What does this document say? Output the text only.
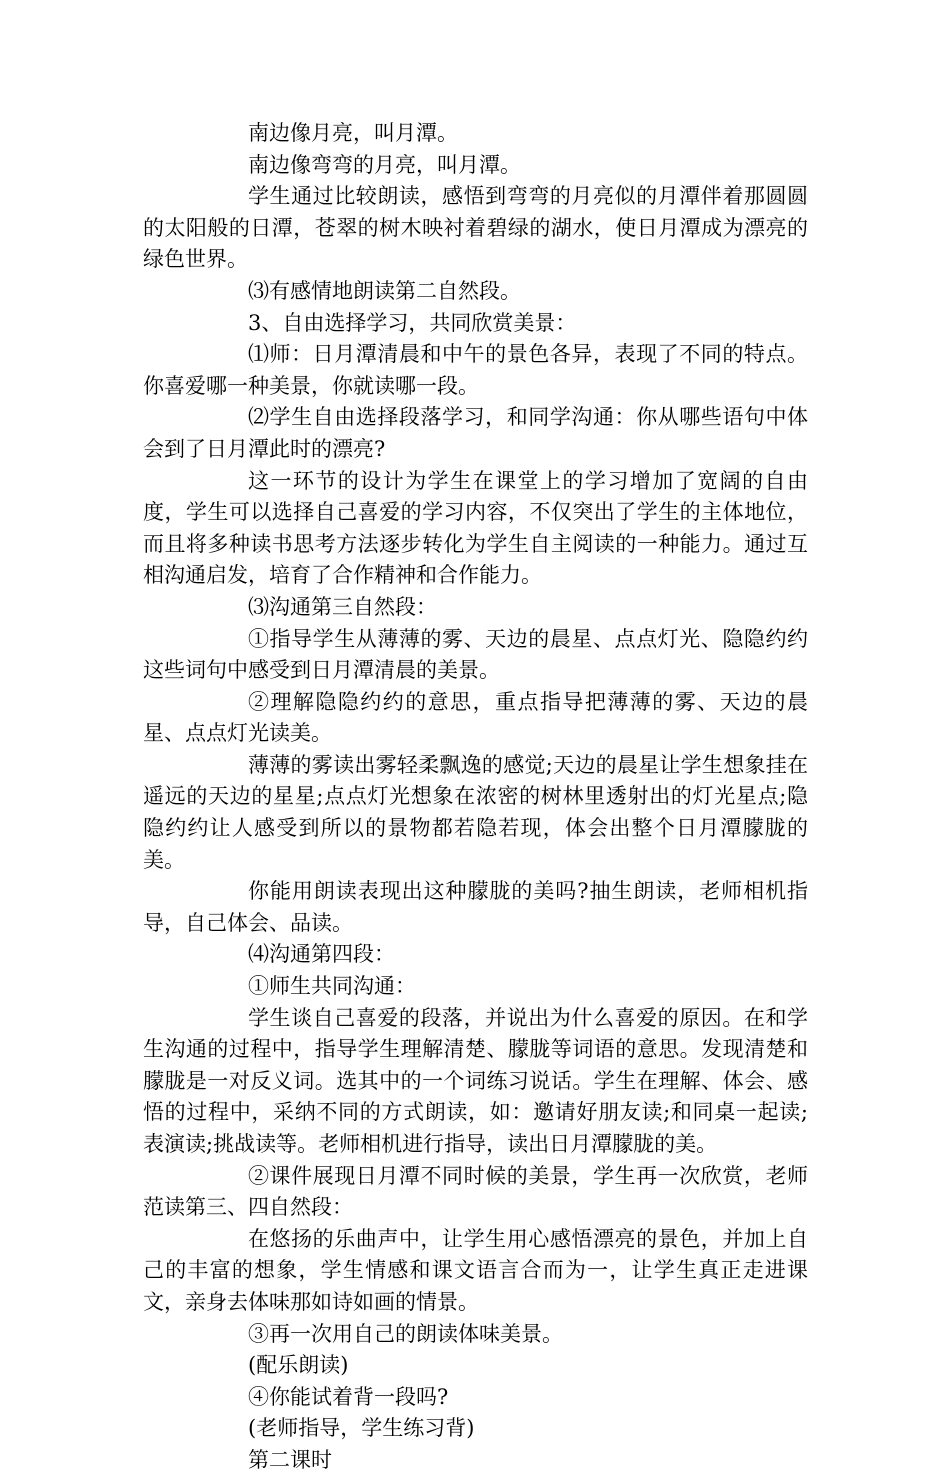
南边像月亮，叫月潭。

南边像弯弯的月亮，叫月潭。

学生通过比较朗读，感悟到弯弯的月亮似的月潭伴着那圆圆的太阳般的日潭，苍翠的树木映衬着碧绿的湖水，使日月潭成为漂亮的绿色世界。

⑶有感情地朗读第二自然段。

3、自由选择学习，共同欣赏美景：

⑴师：日月潭清晨和中午的景色各异，表现了不同的特点。你喜爱哪一种美景，你就读哪一段。

⑵学生自由选择段落学习，和同学沟通：你从哪些语句中体会到了日月潭此时的漂亮?

这一环节的设计为学生在课堂上的学习增加了宽阔的自由度，学生可以选择自己喜爱的学习内容，不仅突出了学生的主体地位，而且将多种读书思考方法逐步转化为学生自主阅读的一种能力。通过互相沟通启发，培育了合作精神和合作能力。

⑶沟通第三自然段：

①指导学生从薄薄的雾、天边的晨星、点点灯光、隐隐约约这些词句中感受到日月潭清晨的美景。

②理解隐隐约约的意思，重点指导把薄薄的雾、天边的晨星、点点灯光读美。

薄薄的雾读出雾轻柔飘逸的感觉;天边的晨星让学生想象挂在遥远的天边的星星;点点灯光想象在浓密的树林里透射出的灯光星点;隐隐约约让人感受到所以的景物都若隐若现，体会出整个日月潭朦胧的美。

你能用朗读表现出这种朦胧的美吗?抽生朗读，老师相机指导，自己体会、品读。

⑷沟通第四段：

①师生共同沟通：

学生谈自己喜爱的段落，并说出为什么喜爱的原因。在和学生沟通的过程中，指导学生理解清楚、朦胧等词语的意思。发现清楚和朦胧是一对反义词。选其中的一个词练习说话。学生在理解、体会、感悟的过程中，采纳不同的方式朗读，如：邀请好朋友读;和同桌一起读;表演读;挑战读等。老师相机进行指导，读出日月潭朦胧的美。

②课件展现日月潭不同时候的美景，学生再一次欣赏，老师范读第三、四自然段：

在悠扬的乐曲声中，让学生用心感悟漂亮的景色，并加上自己的丰富的想象，学生情感和课文语言合而为一，让学生真正走进课文，亲身去体味那如诗如画的情景。

③再一次用自己的朗读体味美景。

(配乐朗读)

④你能试着背一段吗?

(老师指导，学生练习背)

第二课时
